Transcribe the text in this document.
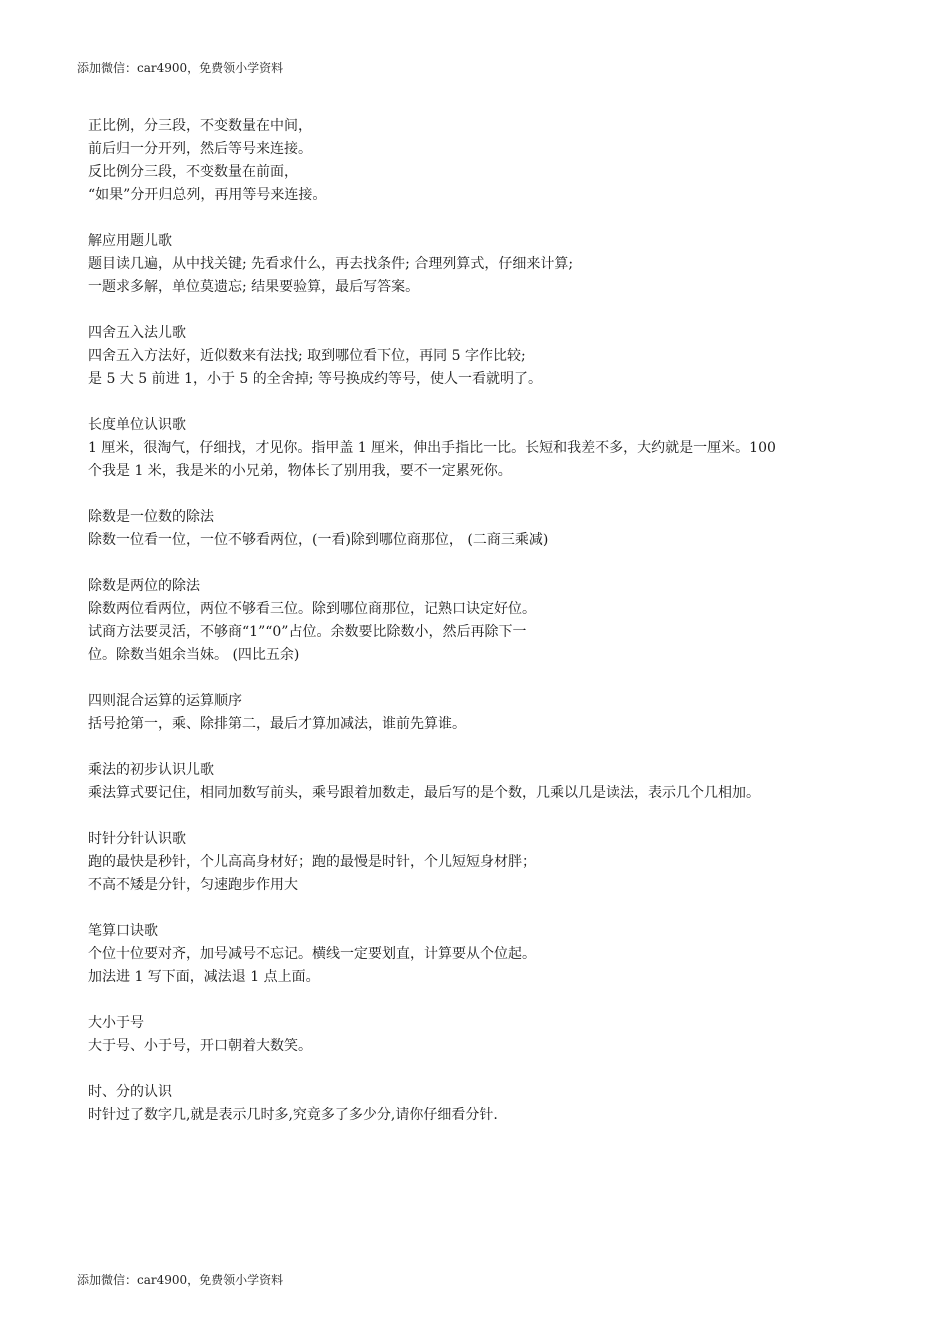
添加微信：car4900，免费领小学资料
正比例，分三段，不变数量在中间，
前后归一分开列，然后等号来连接。
反比例分三段，不变数量在前面，
“如果”分开归总列，再用等号来连接。
解应用题儿歌
题目读几遍，从中找关键; 先看求什么，再去找条件; 合理列算式，仔细来计算;
一题求多解，单位莫遗忘; 结果要验算，最后写答案。
四舍五入法儿歌
四舍五入方法好，近似数来有法找; 取到哪位看下位，再同 5 字作比较;
是 5 大 5 前进 1，小于 5 的全舍掉; 等号换成约等号，使人一看就明了。
长度单位认识歌
1 厘米，很淘气，仔细找，才见你。指甲盖 1 厘米，伸出手指比一比。长短和我差不多，大约就是一厘米。100
个我是 1 米，我是米的小兄弟，物体长了别用我，要不一定累死你。
除数是一位数的除法
除数一位看一位，一位不够看两位，(一看)除到哪位商那位， (二商三乘减)
除数是两位的除法
除数两位看两位，两位不够看三位。除到哪位商那位，记熟口诀定好位。
试商方法要灵活，不够商“1”“0”占位。余数要比除数小，然后再除下一
位。除数当姐余当妹。 (四比五余)
四则混合运算的运算顺序
括号抢第一，乘、除排第二，最后才算加减法，谁前先算谁。
乘法的初步认识儿歌
乘法算式要记住，相同加数写前头，乘号跟着加数走，最后写的是个数，几乘以几是读法，表示几个几相加。
时针分针认识歌
跑的最快是秒针，个儿高高身材好；跑的最慢是时针，个儿短短身材胖；
不高不矮是分针，匀速跑步作用大
笔算口诀歌
个位十位要对齐，加号减号不忘记。横线一定要划直，计算要从个位起。
加法进 1 写下面，减法退 1 点上面。
大小于号
大于号、小于号，开口朝着大数笑。
时、分的认识
时针过了数字几,就是表示几时多,究竟多了多少分,请你仔细看分针.
添加微信：car4900，免费领小学资料
